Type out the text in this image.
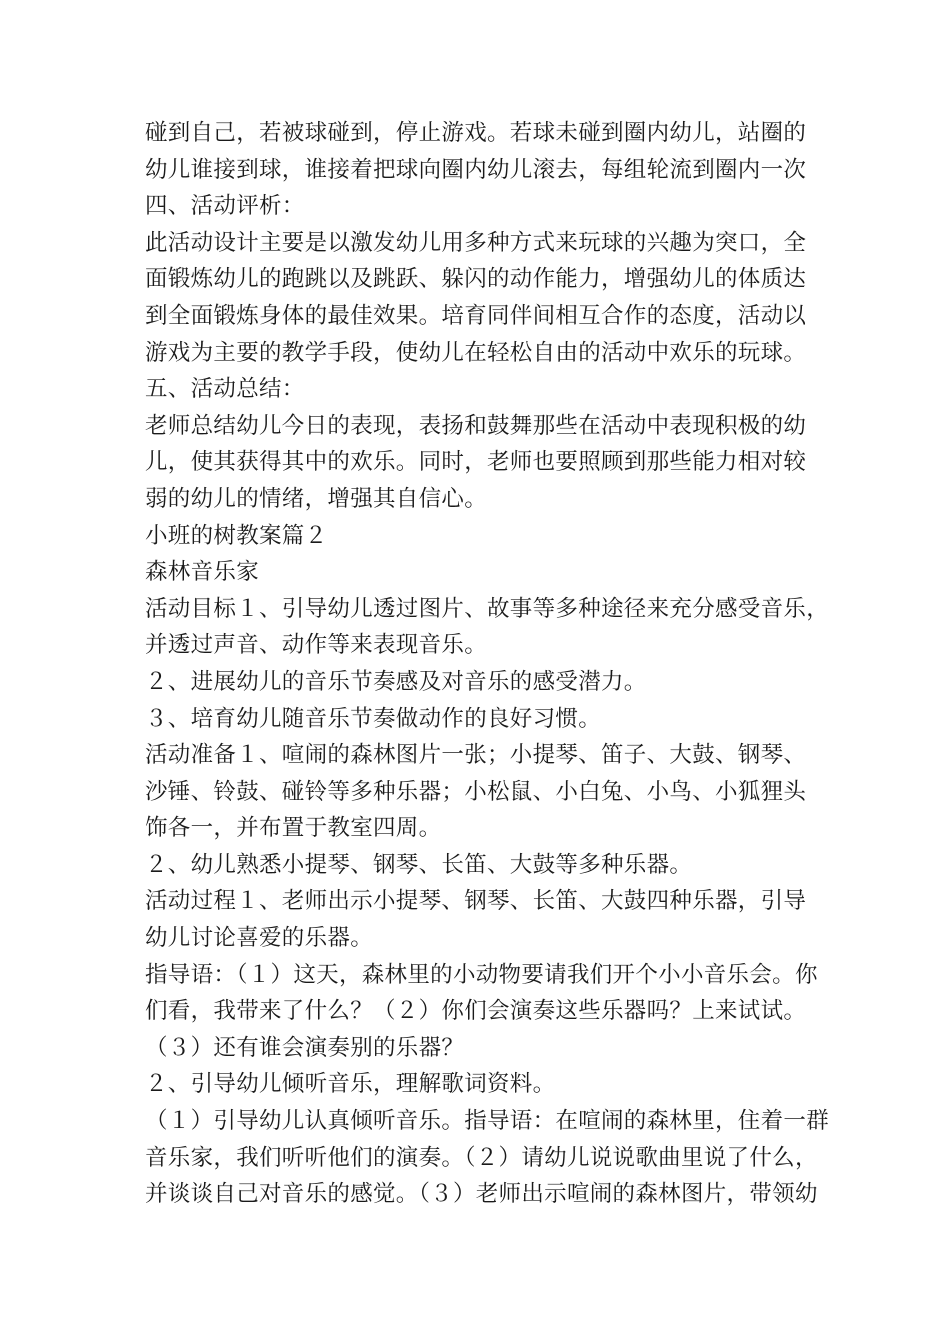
碰到自己，若被球碰到，停止游戏。若球未碰到圈内幼儿，站圈的
幼儿谁接到球，谁接着把球向圈内幼儿滚去，每组轮流到圈内一次
四、活动评析：
此活动设计主要是以激发幼儿用多种方式来玩球的兴趣为突口，全
面锻炼幼儿的跑跳以及跳跃、躲闪的动作能力，增强幼儿的体质达
到全面锻炼身体的最佳效果。培育同伴间相互合作的态度，活动以
游戏为主要的教学手段，使幼儿在轻松自由的活动中欢乐的玩球。
五、活动总结：
老师总结幼儿今日的表现，表扬和鼓舞那些在活动中表现积极的幼
儿，使其获得其中的欢乐。同时，老师也要照顾到那些能力相对较
弱的幼儿的情绪，增强其自信心。
小班的树教案篇２
森林音乐家
活动目标１、引导幼儿透过图片、故事等多种途径来充分感受音乐，
并透过声音、动作等来表现音乐。
２、进展幼儿的音乐节奏感及对音乐的感受潜力。
３、培育幼儿随音乐节奏做动作的良好习惯。
活动准备１、喧闹的森林图片一张；小提琴、笛子、大鼓、钢琴、
沙锤、铃鼓、碰铃等多种乐器；小松鼠、小白兔、小鸟、小狐狸头
饰各一，并布置于教室四周。
２、幼儿熟悉小提琴、钢琴、长笛、大鼓等多种乐器。
活动过程１、老师出示小提琴、钢琴、长笛、大鼓四种乐器，引导
幼儿讨论喜爱的乐器。
指导语：（１）这天，森林里的小动物要请我们开个小小音乐会。你
们看，我带来了什么？（２）你们会演奏这些乐器吗？上来试试。
（３）还有谁会演奏别的乐器？
２、引导幼儿倾听音乐，理解歌词资料。
（１）引导幼儿认真倾听音乐。指导语：在喧闹的森林里，住着一群
音乐家，我们听听他们的演奏。（２）请幼儿说说歌曲里说了什么，
并谈谈自己对音乐的感觉。（３）老师出示喧闹的森林图片，带领幼
